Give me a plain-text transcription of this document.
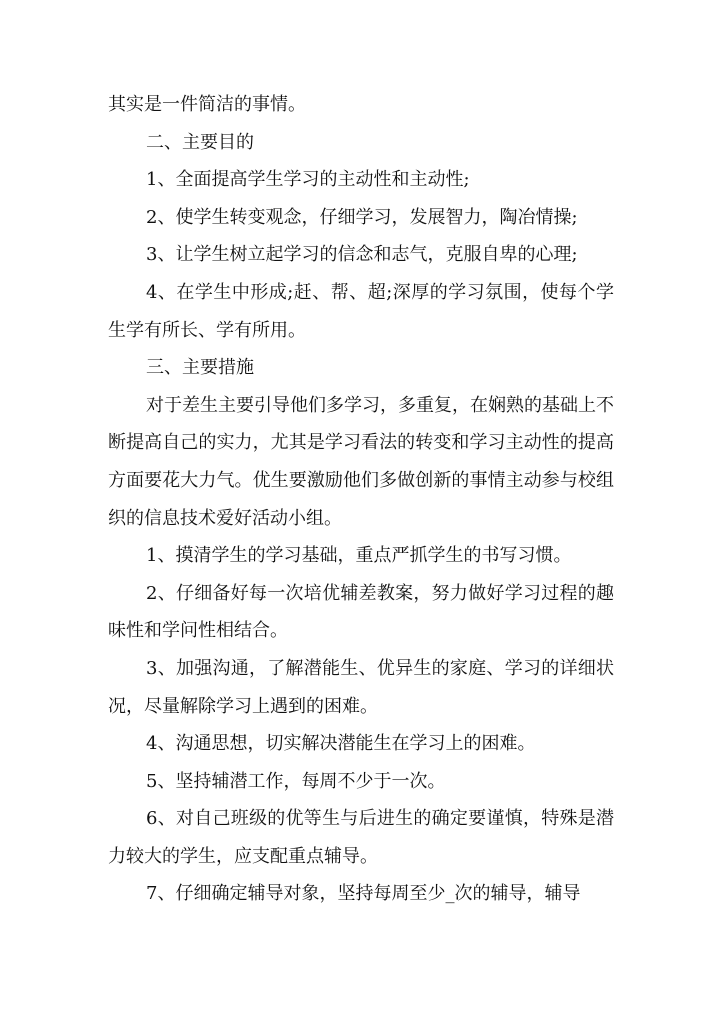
其实是一件简洁的事情。

二、主要目的

1、全面提高学生学习的主动性和主动性;

2、使学生转变观念，仔细学习，发展智力，陶冶情操;

3、让学生树立起学习的信念和志气，克服自卑的心理;

4、在学生中形成;赶、帮、超;深厚的学习氛围，使每个学生学有所长、学有所用。

三、主要措施

对于差生主要引导他们多学习，多重复，在娴熟的基础上不断提高自己的实力，尤其是学习看法的转变和学习主动性的提高方面要花大力气。优生要激励他们多做创新的事情主动参与校组织的信息技术爱好活动小组。

1、摸清学生的学习基础，重点严抓学生的书写习惯。

2、仔细备好每一次培优辅差教案，努力做好学习过程的趣味性和学问性相结合。

3、加强沟通，了解潜能生、优异生的家庭、学习的详细状况，尽量解除学习上遇到的困难。

4、沟通思想，切实解决潜能生在学习上的困难。

5、坚持辅潜工作，每周不少于一次。

6、对自己班级的优等生与后进生的确定要谨慎，特殊是潜力较大的学生，应支配重点辅导。

7、仔细确定辅导对象，坚持每周至少_次的辅导，辅导
